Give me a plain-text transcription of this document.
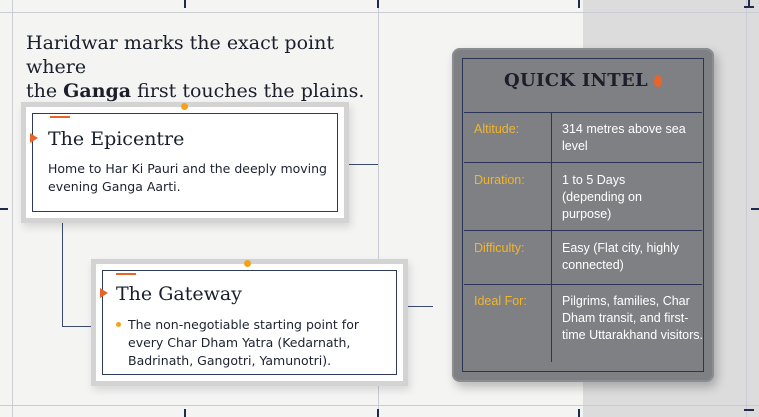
Haridwar marks the exact point where
the Ganga first touches the plains.
The Epicentre
Home to Har Ki Pauri and the deeply moving evening Ganga Aarti.
The Gateway
The non-negotiable starting point for every Char Dham Yatra (Kedarnath, Badrinath, Gangotri, Yamunotri).
QUICK INTEL
Altitude:	314 metres above sea level
Duration:	1 to 5 Days (depending on purpose)
Difficulty:	Easy (Flat city, highly connected)
Ideal For:	Pilgrims, families, Char Dham transit, and first-time Uttarakhand visitors.
